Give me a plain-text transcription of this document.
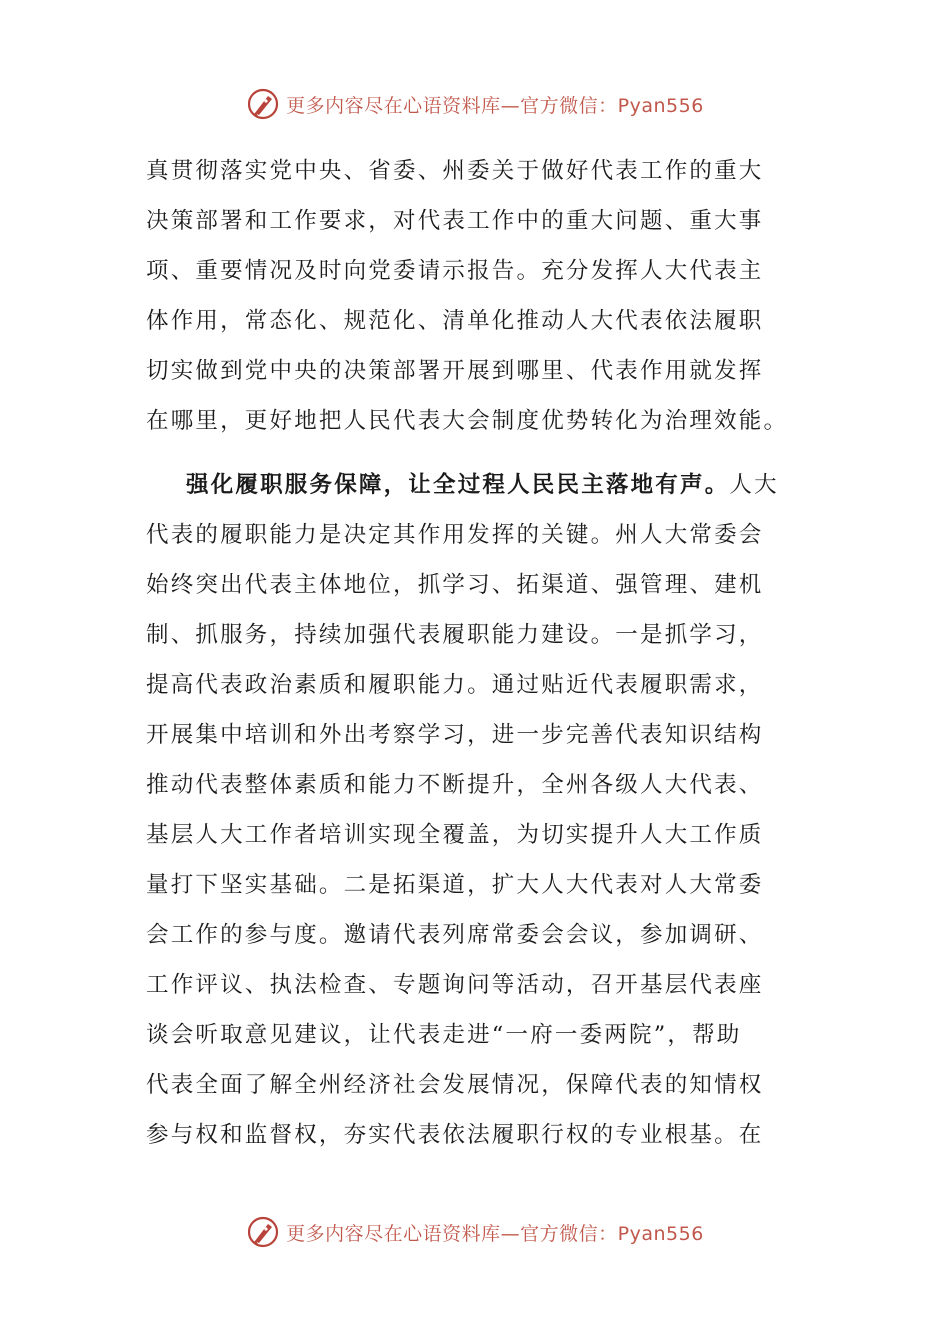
更多内容尽在心语资料库—官方微信：Pyan556
真贯彻落实党中央、省委、州委关于做好代表工作的重大
决策部署和工作要求，对代表工作中的重大问题、重大事
项、重要情况及时向党委请示报告。充分发挥人大代表主
体作用，常态化、规范化、清单化推动人大代表依法履职
切实做到党中央的决策部署开展到哪里、代表作用就发挥
在哪里，更好地把人民代表大会制度优势转化为治理效能。
强化履职服务保障，让全过程人民民主落地有声。人大
代表的履职能力是决定其作用发挥的关键。州人大常委会
始终突出代表主体地位，抓学习、拓渠道、强管理、建机
制、抓服务，持续加强代表履职能力建设。一是抓学习，
提高代表政治素质和履职能力。通过贴近代表履职需求，
开展集中培训和外出考察学习，进一步完善代表知识结构
推动代表整体素质和能力不断提升，全州各级人大代表、
基层人大工作者培训实现全覆盖，为切实提升人大工作质
量打下坚实基础。二是拓渠道，扩大人大代表对人大常委
会工作的参与度。邀请代表列席常委会会议，参加调研、
工作评议、执法检查、专题询问等活动，召开基层代表座
谈会听取意见建议，让代表走进“一府一委两院”，帮助
代表全面了解全州经济社会发展情况，保障代表的知情权
参与权和监督权，夯实代表依法履职行权的专业根基。在
更多内容尽在心语资料库—官方微信：Pyan556
